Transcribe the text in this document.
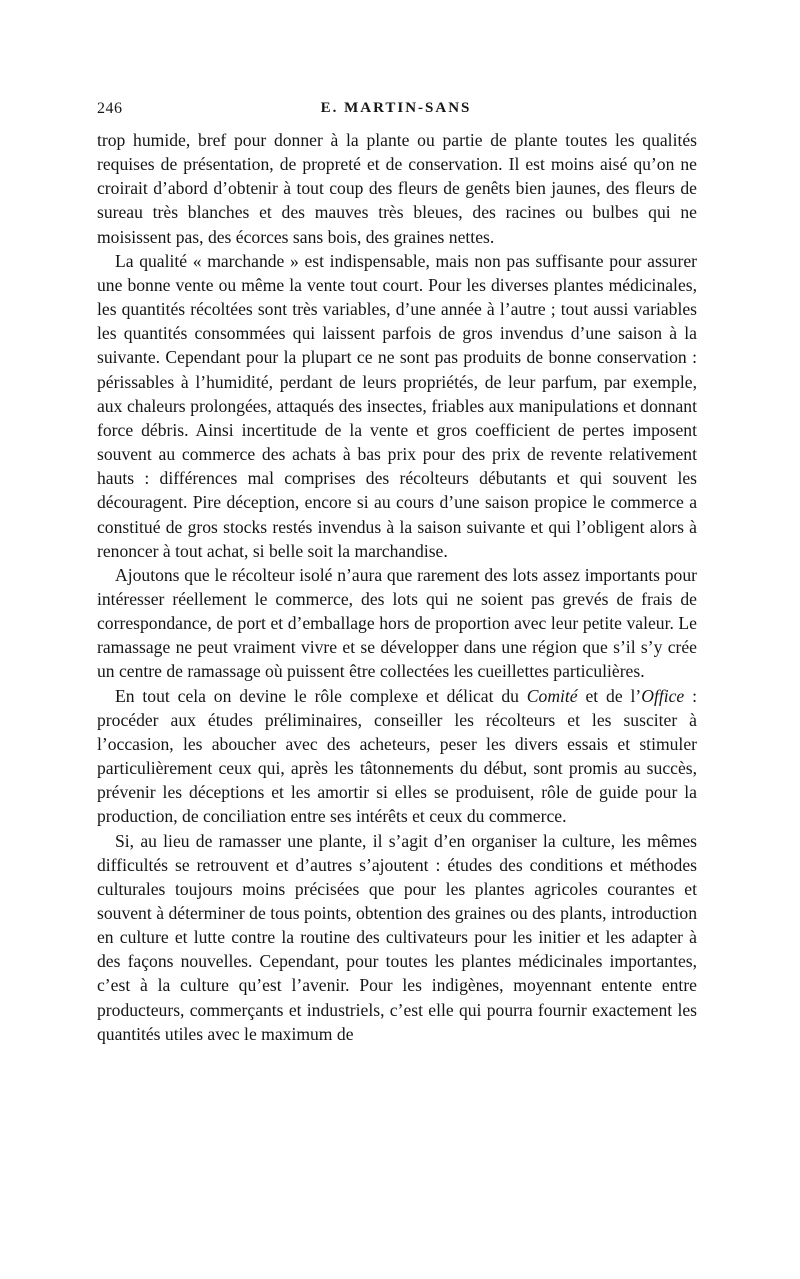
246	E. MARTIN-SANS

trop humide, bref pour donner à la plante ou partie de plante toutes les qualités requises de présentation, de propreté et de conservation. Il est moins aisé qu’on ne croirait d’abord d’obtenir à tout coup des fleurs de genêts bien jaunes, des fleurs de sureau très blanches et des mauves très bleues, des racines ou bulbes qui ne moisissent pas, des écorces sans bois, des graines nettes.

La qualité « marchande » est indispensable, mais non pas suffisante pour assurer une bonne vente ou même la vente tout court. Pour les diverses plantes médicinales, les quantités récoltées sont très variables, d’une année à l’autre ; tout aussi variables les quantités consommées qui laissent parfois de gros invendus d’une saison à la suivante. Cependant pour la plupart ce ne sont pas produits de bonne conservation : périssables à l’humidité, perdant de leurs propriétés, de leur parfum, par exemple, aux chaleurs prolongées, attaqués des insectes, friables aux manipulations et donnant force débris. Ainsi incertitude de la vente et gros coefficient de pertes imposent souvent au commerce des achats à bas prix pour des prix de revente relativement hauts : différences mal comprises des récolteurs débutants et qui souvent les découragent. Pire déception, encore si au cours d’une saison propice le commerce a constitué de gros stocks restés invendus à la saison suivante et qui l’obligent alors à renoncer à tout achat, si belle soit la marchandise.

Ajoutons que le récolteur isolé n’aura que rarement des lots assez importants pour intéresser réellement le commerce, des lots qui ne soient pas grevés de frais de correspondance, de port et d’emballage hors de proportion avec leur petite valeur. Le ramassage ne peut vraiment vivre et se développer dans une région que s’il s’y crée un centre de ramassage où puissent être collectées les cueillettes particulières.

En tout cela on devine le rôle complexe et délicat du Comité et de l’Office : procéder aux études préliminaires, conseiller les récolteurs et les susciter à l’occasion, les aboucher avec des acheteurs, peser les divers essais et stimuler particulièrement ceux qui, après les tâtonnements du début, sont promis au succès, prévenir les déceptions et les amortir si elles se produisent, rôle de guide pour la production, de conciliation entre ses intérêts et ceux du commerce.

Si, au lieu de ramasser une plante, il s’agit d’en organiser la culture, les mêmes difficultés se retrouvent et d’autres s’ajoutent : études des conditions et méthodes culturales toujours moins précisées que pour les plantes agricoles courantes et souvent à déterminer de tous points, obtention des graines ou des plants, introduction en culture et lutte contre la routine des cultivateurs pour les initier et les adapter à des façons nouvelles. Cependant, pour toutes les plantes médicinales importantes, c’est à la culture qu’est l’avenir. Pour les indigènes, moyennant entente entre producteurs, commerçants et industriels, c’est elle qui pourra fournir exactement les quantités utiles avec le maximum de
